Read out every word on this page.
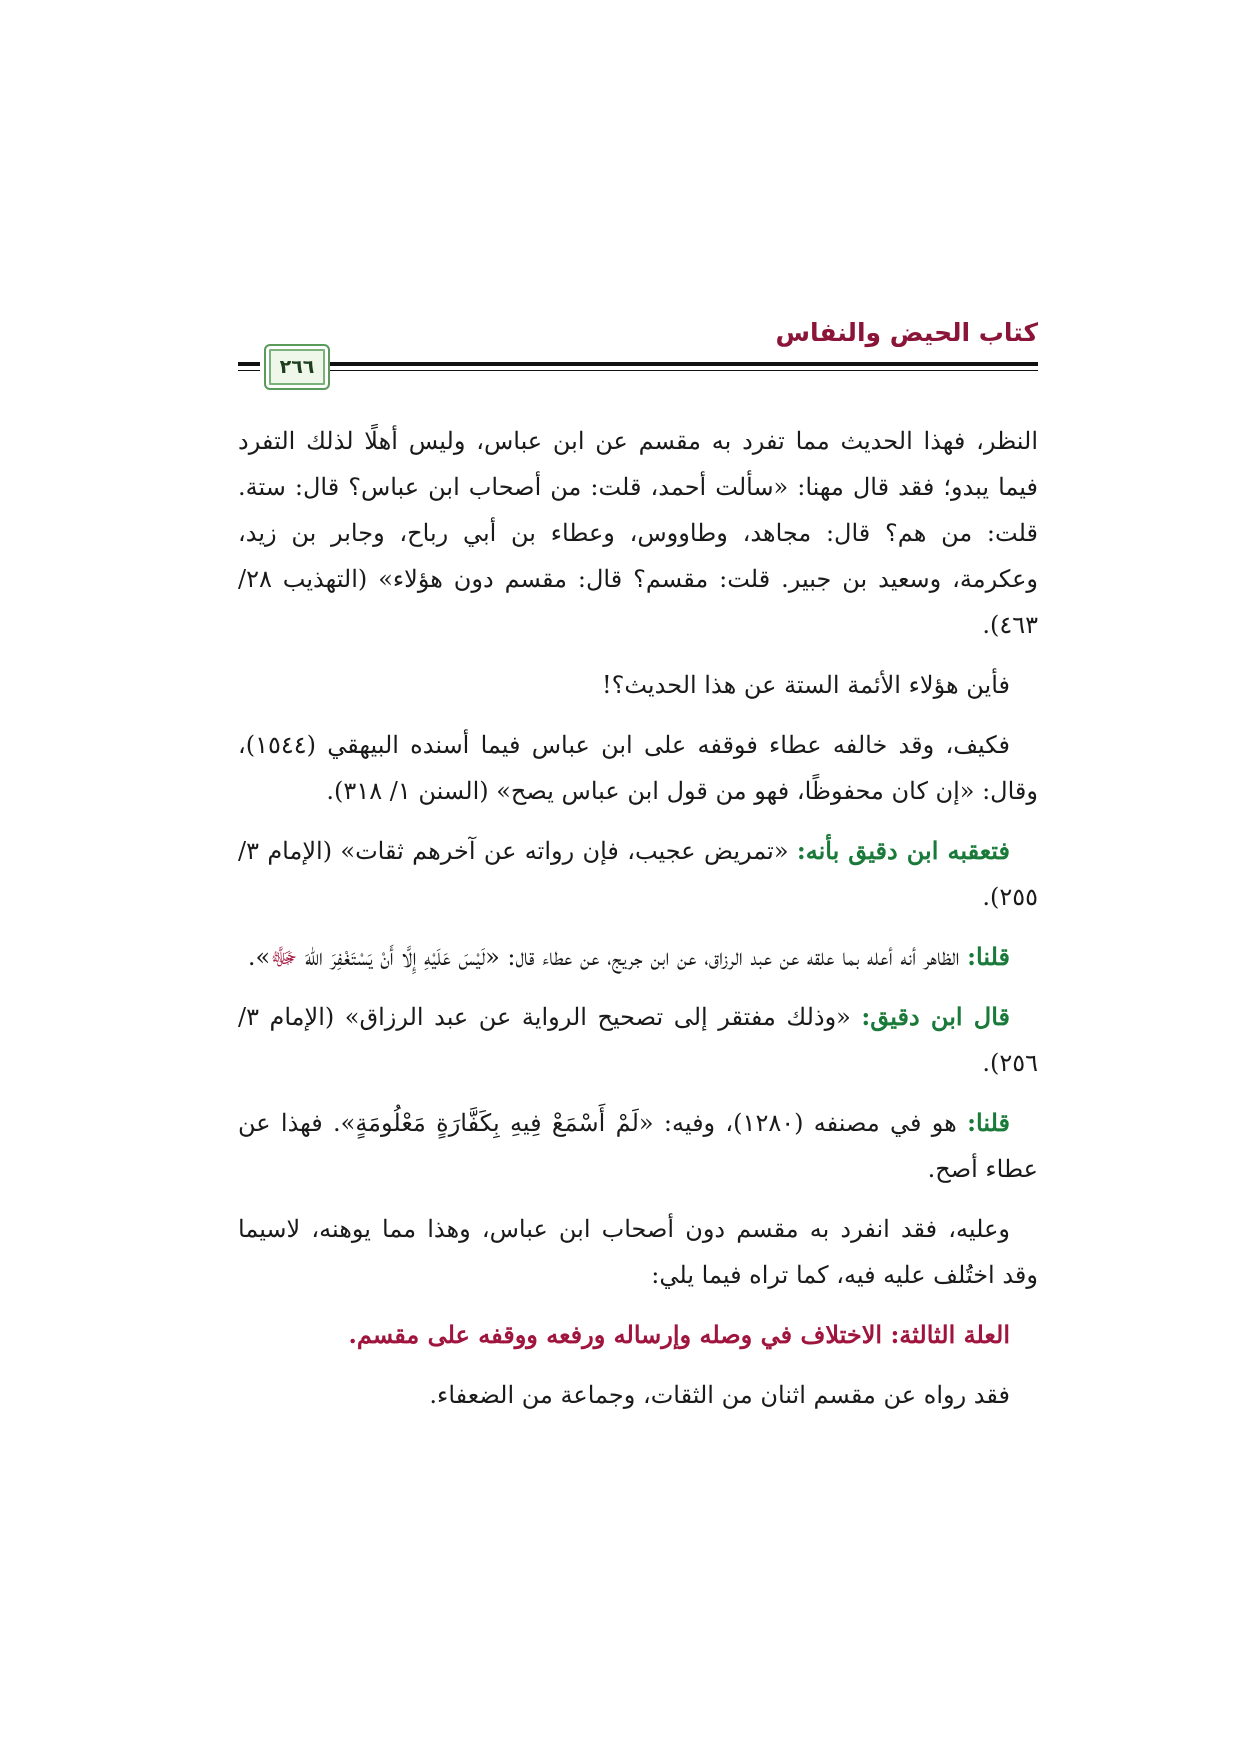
كتاب الحيض والنفاس
٢٦٦

النظر، فهذا الحديث مما تفرد به مقسم عن ابن عباس، وليس أهلًا لذلك التفرد فيما يبدو؛ فقد قال مهنا: «سألت أحمد، قلت: من أصحاب ابن عباس؟ قال: ستة. قلت: من هم؟ قال: مجاهد، وطاووس، وعطاء بن أبي رباح، وجابر بن زيد، وعكرمة، وسعيد بن جبير. قلت: مقسم؟ قال: مقسم دون هؤلاء» (التهذيب ٢٨/ ٤٦٣).

فأين هؤلاء الأئمة الستة عن هذا الحديث؟!

فكيف، وقد خالفه عطاء فوقفه على ابن عباس فيما أسنده البيهقي (١٥٤٤)، وقال: «إن كان محفوظًا، فهو من قول ابن عباس يصح» (السنن ١/ ٣١٨).

فتعقبه ابن دقيق بأنه: «تمريض عجيب، فإن رواته عن آخرهم ثقات» (الإمام ٣/ ٢٥٥).

قلنا: الظاهر أنه أعله بما علقه عن عبد الرزاق، عن ابن جريج، عن عطاء قال: «لَيْسَ عَلَيْهِ إِلَّا أَنْ يَسْتَغْفِرَ اللهَ ﷻ».

قال ابن دقيق: «وذلك مفتقر إلى تصحيح الرواية عن عبد الرزاق» (الإمام ٣/ ٢٥٦).

قلنا: هو في مصنفه (١٢٨٠)، وفيه: «لَمْ أَسْمَعْ فِيهِ بِكَفَّارَةٍ مَعْلُومَةٍ». فهذا عن عطاء أصح.

وعليه، فقد انفرد به مقسم دون أصحاب ابن عباس، وهذا مما يوهنه، لاسيما وقد اختُلف عليه فيه، كما تراه فيما يلي:

العلة الثالثة: الاختلاف في وصله وإرساله ورفعه ووقفه على مقسم.

فقد رواه عن مقسم اثنان من الثقات، وجماعة من الضعفاء.
